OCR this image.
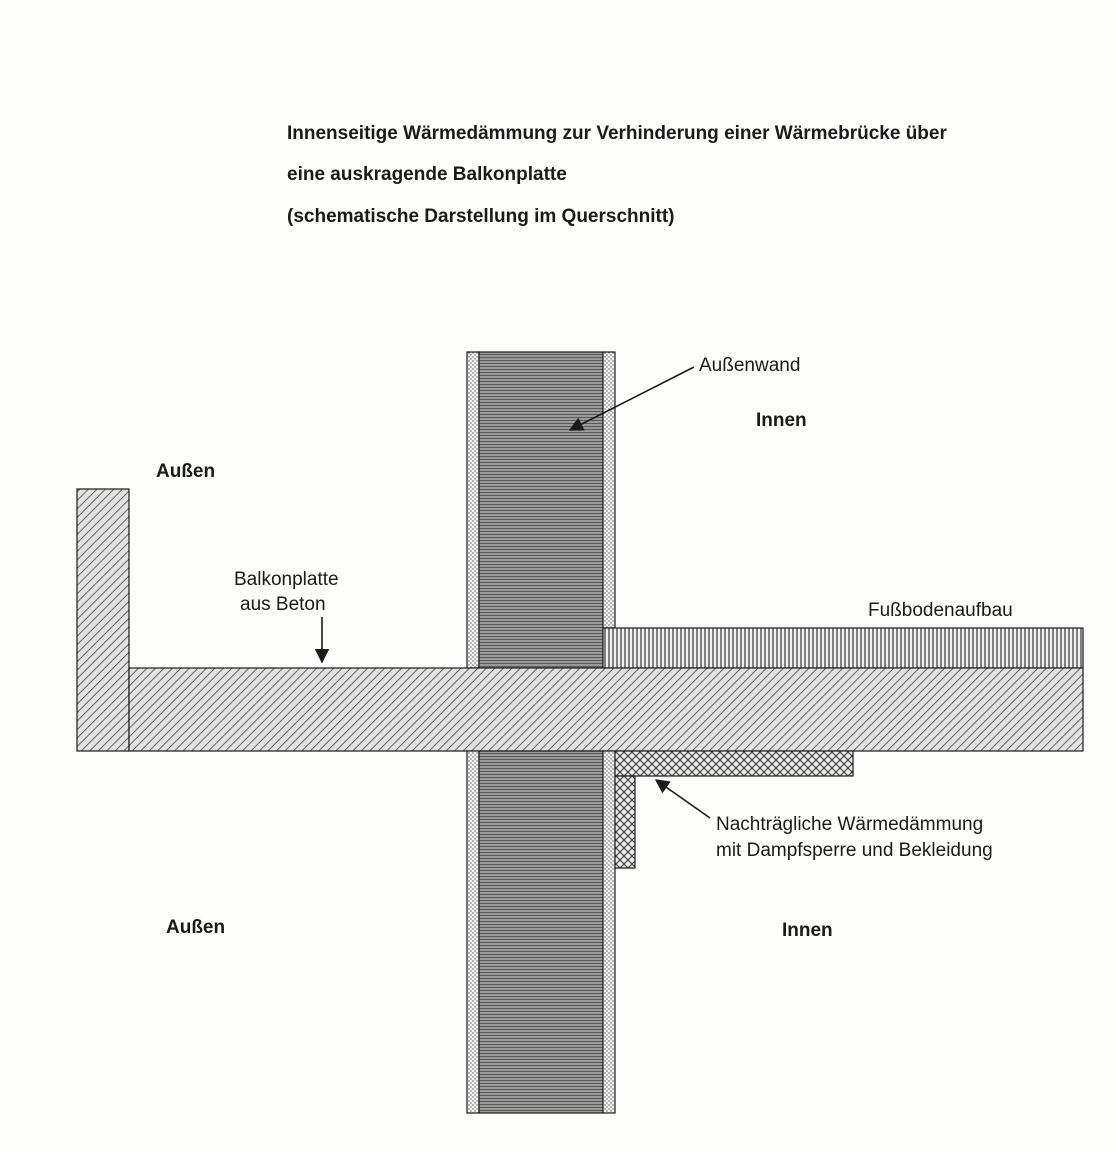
Innenseitige Wärmedämmung zur Verhinderung einer Wärmebrücke über
eine auskragende Balkonplatte
(schematische Darstellung im Querschnitt)
Außenwand
Innen
Außen
Balkonplatte
aus Beton	Fußbodenaufbau
Nachträgliche Wärmedämmung
mit Dampfsperre und Bekleidung
Außen	Innen
